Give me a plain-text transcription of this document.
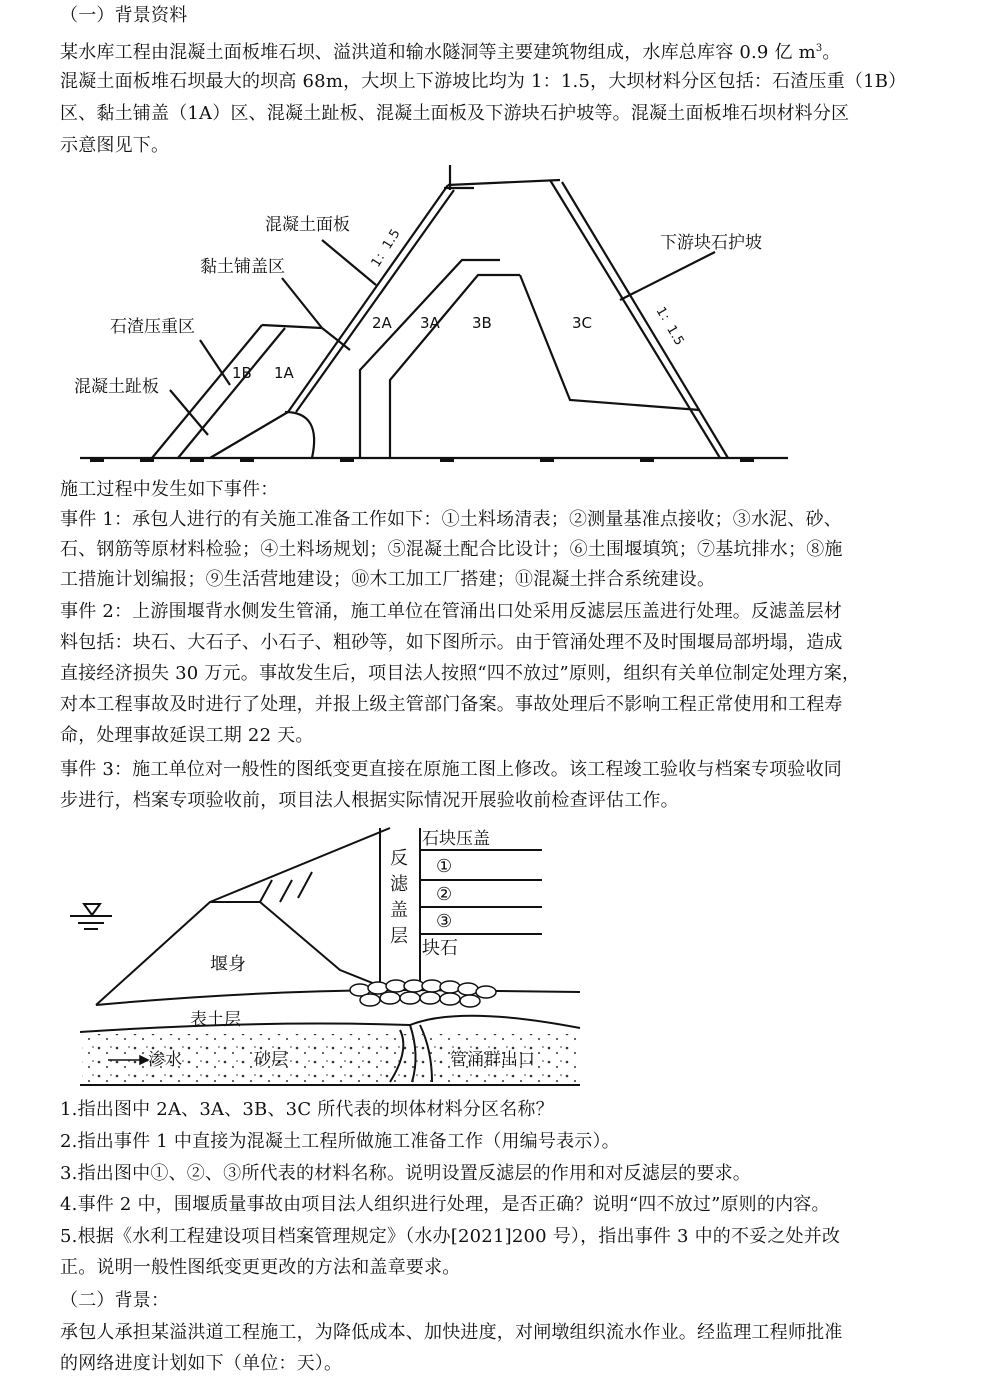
（一）背景资料
某水库工程由混凝土面板堆石坝、溢洪道和输水隧洞等主要建筑物组成，水库总库容 0.9 亿 $m^3$。
混凝土面板堆石坝最大的坝高 68m，大坝上下游坡比均为 1：1.5，大坝材料分区包括：石渣压重（1B）
区、黏土铺盖（1A）区、混凝土趾板、混凝土面板及下游块石护坡等。混凝土面板堆石坝材料分区
示意图见下。
混凝土面板
黏土铺盖区
石渣压重区
混凝土趾板
下游块石护坡
1：1.5
1：1.5
1B 1A
2A 3A 3B	3C
施工过程中发生如下事件：
事件 1：承包人进行的有关施工准备工作如下：①土料场清表；②测量基准点接收；③水泥、砂、
石、钢筋等原材料检验；④土料场规划；⑤混凝土配合比设计；⑥土围堰填筑；⑦基坑排水；⑧施
工措施计划编报；⑨生活营地建设；⑩木工加工厂搭建；⑪混凝土拌合系统建设。
事件 2：上游围堰背水侧发生管涌，施工单位在管涌出口处采用反滤层压盖进行处理。反滤盖层材
料包括：块石、大石子、小石子、粗砂等，如下图所示。由于管涌处理不及时围堰局部坍塌，造成
直接经济损失 30 万元。事故发生后，项目法人按照“四不放过”原则，组织有关单位制定处理方案，
对本工程事故及时进行了处理，并报上级主管部门备案。事故处理后不影响工程正常使用和工程寿
命，处理事故延误工期 22 天。
事件 3：施工单位对一般性的图纸变更直接在原施工图上修改。该工程竣工验收与档案专项验收同
步进行，档案专项验收前，项目法人根据实际情况开展验收前检查评估工作。
石块压盖
反
滤
盖
层
①
②
③
块石
堰身
表土层
渗水	砂层	管涌群出口
1.指出图中 2A、3A、3B、3C 所代表的坝体材料分区名称？
2.指出事件 1 中直接为混凝土工程所做施工准备工作（用编号表示）。
3.指出图中①、②、③所代表的材料名称。说明设置反滤层的作用和对反滤层的要求。
4.事件 2 中，围堰质量事故由项目法人组织进行处理，是否正确？说明“四不放过”原则的内容。
5.根据《水利工程建设项目档案管理规定》（水办[2021]200 号），指出事件 3 中的不妥之处并改
正。说明一般性图纸变更更改的方法和盖章要求。
（二）背景：
承包人承担某溢洪道工程施工，为降低成本、加快进度，对闸墩组织流水作业。经监理工程师批准
的网络进度计划如下（单位：天）。
